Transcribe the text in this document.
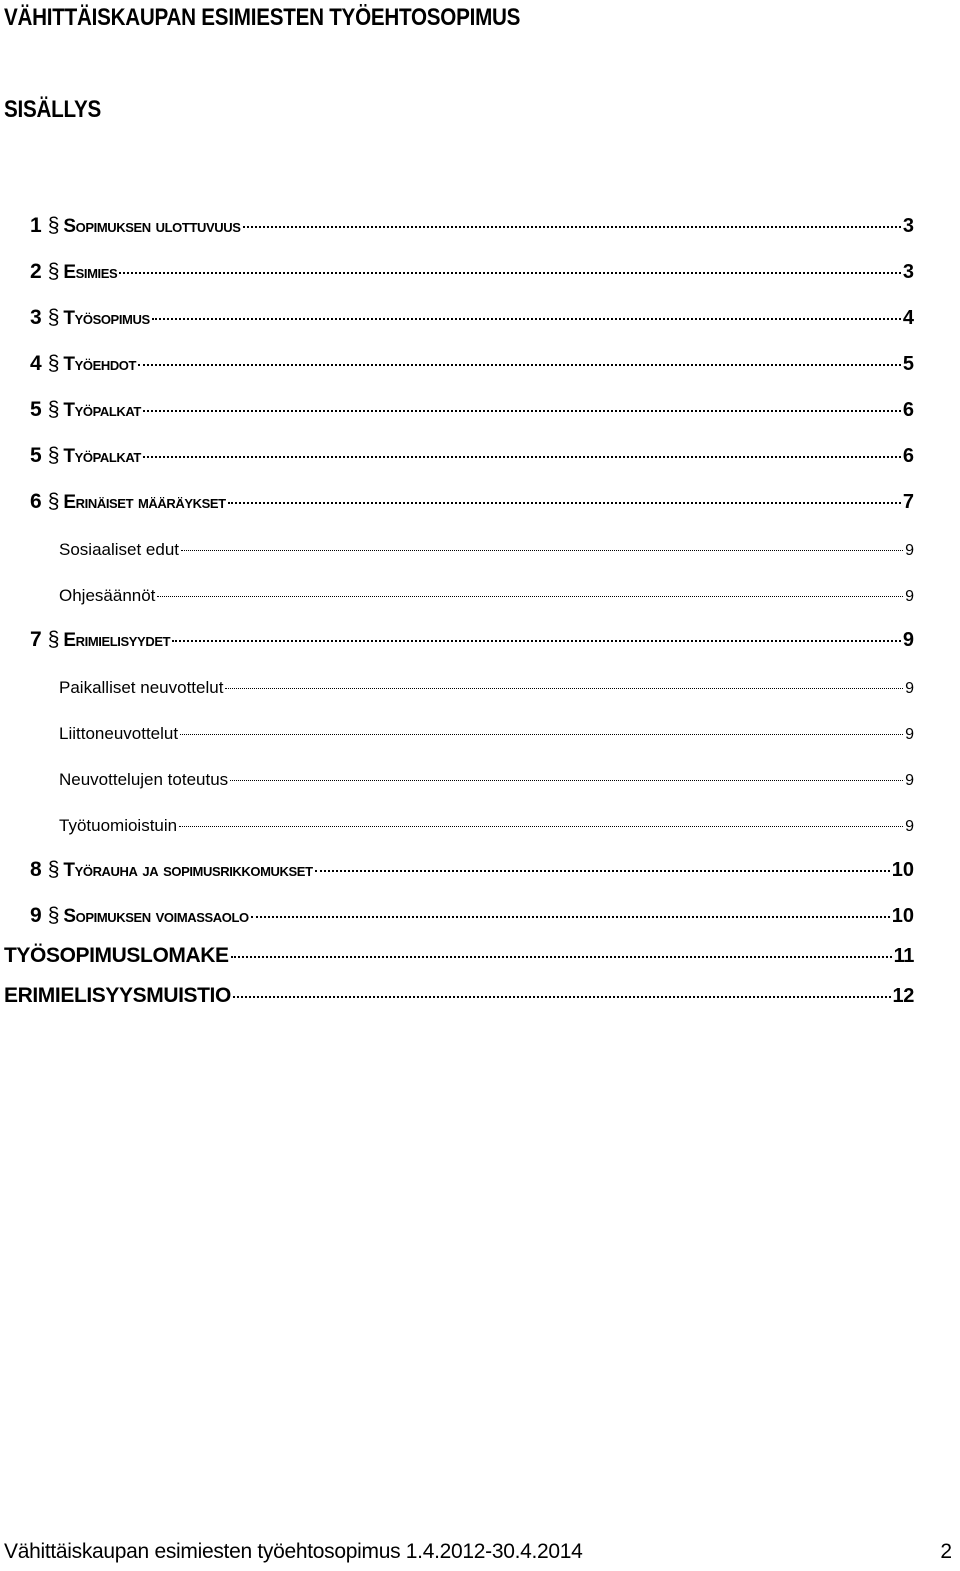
VÄHITTÄISKAUPAN ESIMIESTEN TYÖEHTOSOPIMUS
SISÄLLYS
1 § Sopimuksen ulottuvuus	3
2 § Esimies	3
3 § Työsopimus	4
4 § Työehdot	5
5 § Työpalkat	6
5 § Työpalkat	6
6 § Erinäiset määräykset	7
Sosiaaliset edut	9
Ohjesäännöt	9
7 § Erimielisyydet	9
Paikalliset neuvottelut	9
Liittoneuvottelut	9
Neuvottelujen toteutus	9
Työtuomioistuin	9
8 § Työrauha ja sopimusrikkomukset	10
9 § Sopimuksen voimassaolo	10
TYÖSOPIMUSLOMAKE	11
ERIMIELISYYSMUISTIO	12
Vähittäiskaupan esimiesten työehtosopimus 1.4.2012-30.4.2014	2
